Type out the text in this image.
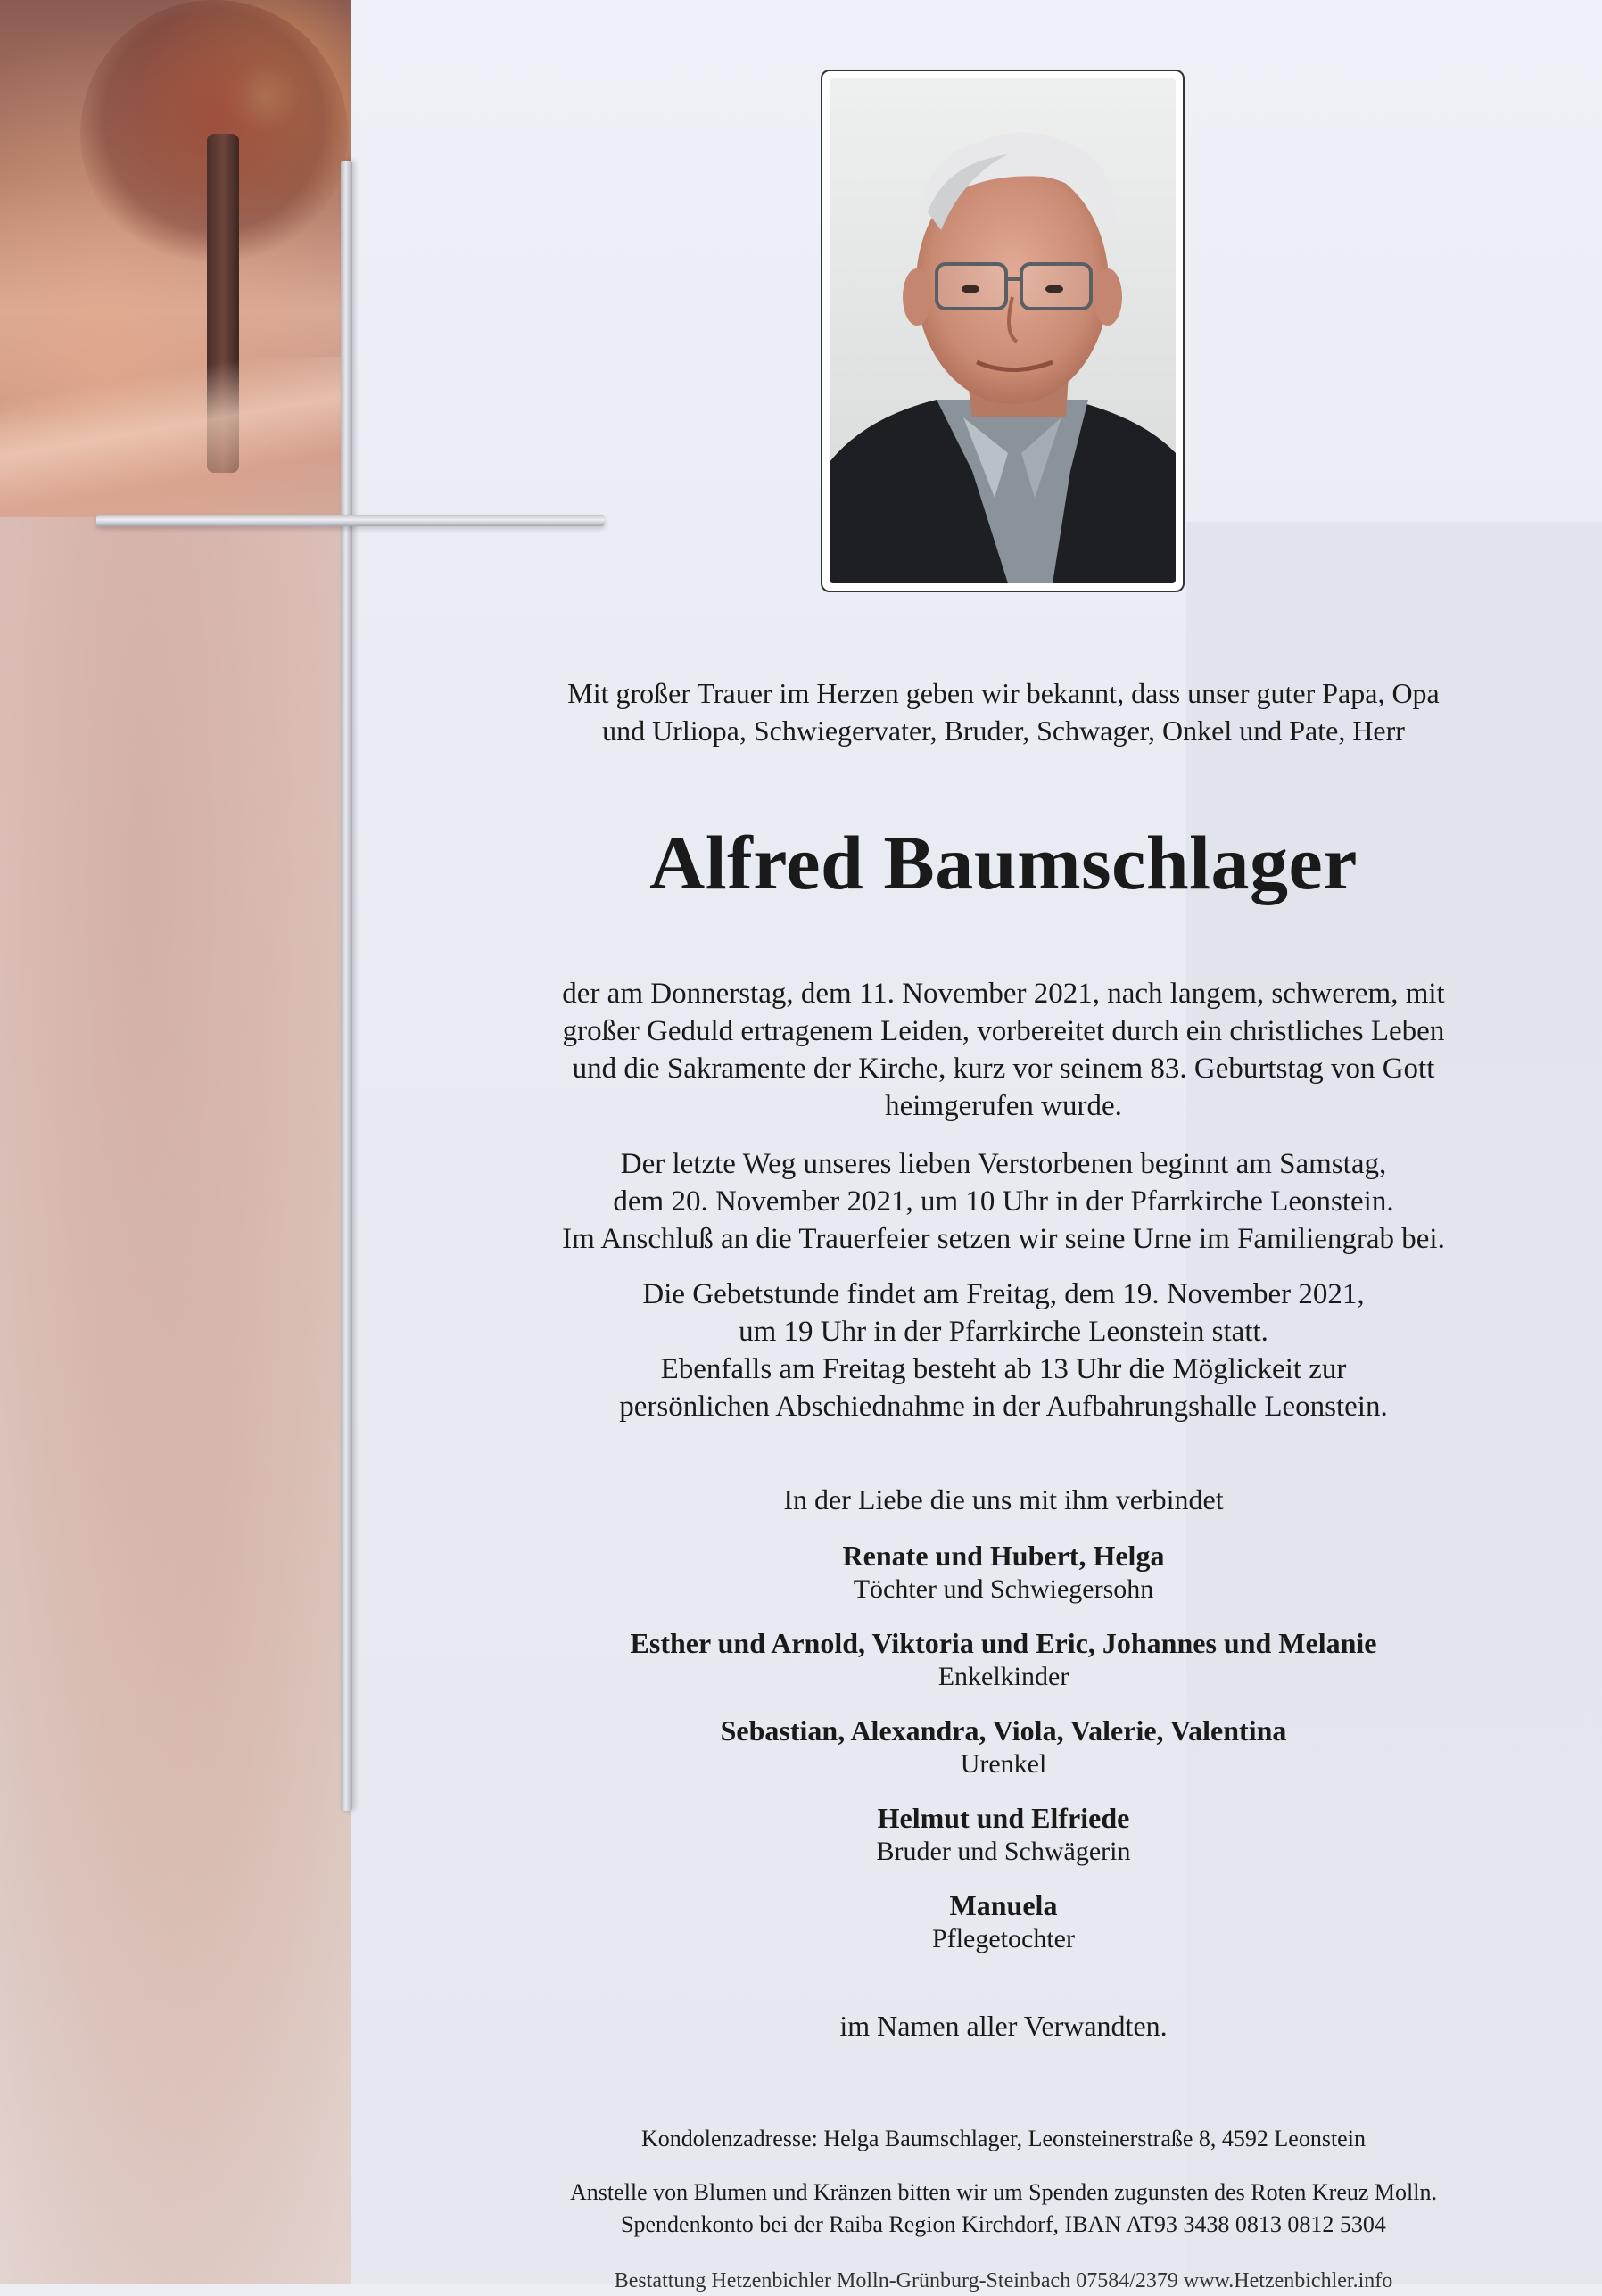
Mit großer Trauer im Herzen geben wir bekannt, dass unser guter Papa, Opa
und Urliopa, Schwiegervater, Bruder, Schwager, Onkel und Pate, Herr
Alfred Baumschlager
der am Donnerstag, dem 11. November 2021, nach langem, schwerem, mit
großer Geduld ertragenem Leiden, vorbereitet durch ein christliches Leben
und die Sakramente der Kirche, kurz vor seinem 83. Geburtstag von Gott
heimgerufen wurde.
Der letzte Weg unseres lieben Verstorbenen beginnt am Samstag,
dem 20. November 2021, um 10 Uhr in der Pfarrkirche Leonstein.
Im Anschluß an die Trauerfeier setzen wir seine Urne im Familiengrab bei.
Die Gebetstunde findet am Freitag, dem 19. November 2021,
um 19 Uhr in der Pfarrkirche Leonstein statt.
Ebenfalls am Freitag besteht ab 13 Uhr die Möglickeit zur
persönlichen Abschiednahme in der Aufbahrungshalle Leonstein.
In der Liebe die uns mit ihm verbindet
Renate und Hubert, Helga
Töchter und Schwiegersohn
Esther und Arnold, Viktoria und Eric, Johannes und Melanie
Enkelkinder
Sebastian, Alexandra, Viola, Valerie, Valentina
Urenkel
Helmut und Elfriede
Bruder und Schwägerin
Manuela
Pflegetochter
im Namen aller Verwandten.
Kondolenzadresse: Helga Baumschlager, Leonsteinerstraße 8, 4592 Leonstein
Anstelle von Blumen und Kränzen bitten wir um Spenden zugunsten des Roten Kreuz Molln.
Spendenkonto bei der Raiba Region Kirchdorf, IBAN AT93 3438 0813 0812 5304
Bestattung Hetzenbichler Molln-Grünburg-Steinbach 07584/2379 www.Hetzenbichler.info
